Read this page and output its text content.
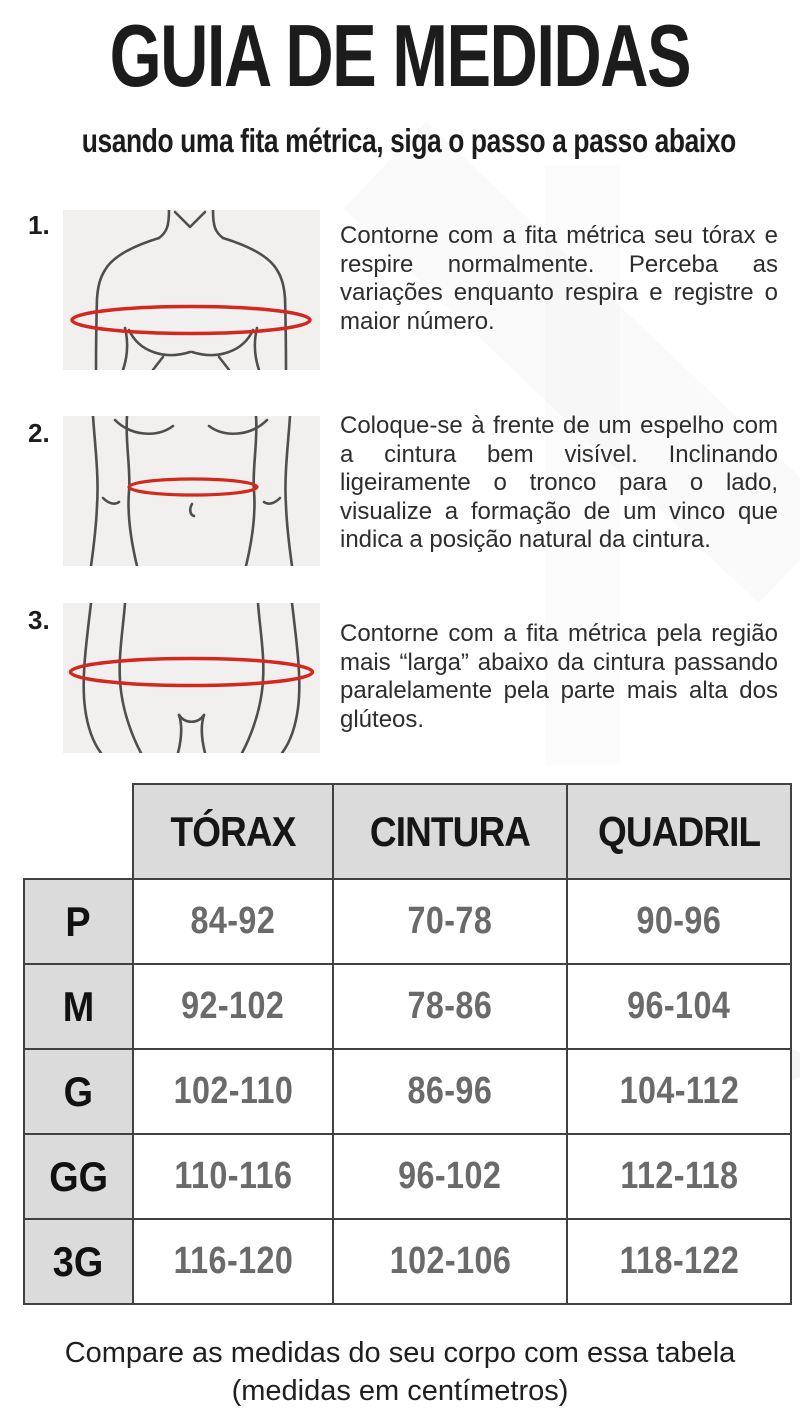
GUIA DE MEDIDAS
usando uma fita métrica, siga o passo a passo abaixo
1.	Contorne com a fita métrica seu tórax e respire normalmente. Perceba as variações enquanto respira e registre o maior número.

2.	Coloque-se à frente de um espelho com a cintura bem visível. Inclinando ligeiramente o tronco para o lado, visualize a formação de um vinco que indica a posição natural da cintura.

3.	Contorne com a fita métrica pela região mais “larga” abaixo da cintura passando paralelamente pela parte mais alta dos glúteos.

	TÓRAX	CINTURA	QUADRIL
P	84-92	70-78	90-96
M	92-102	78-86	96-104
G	102-110	86-96	104-112
GG	110-116	96-102	112-118
3G	116-120	102-106	118-122
Compare as medidas do seu corpo com essa tabela
(medidas em centímetros)
